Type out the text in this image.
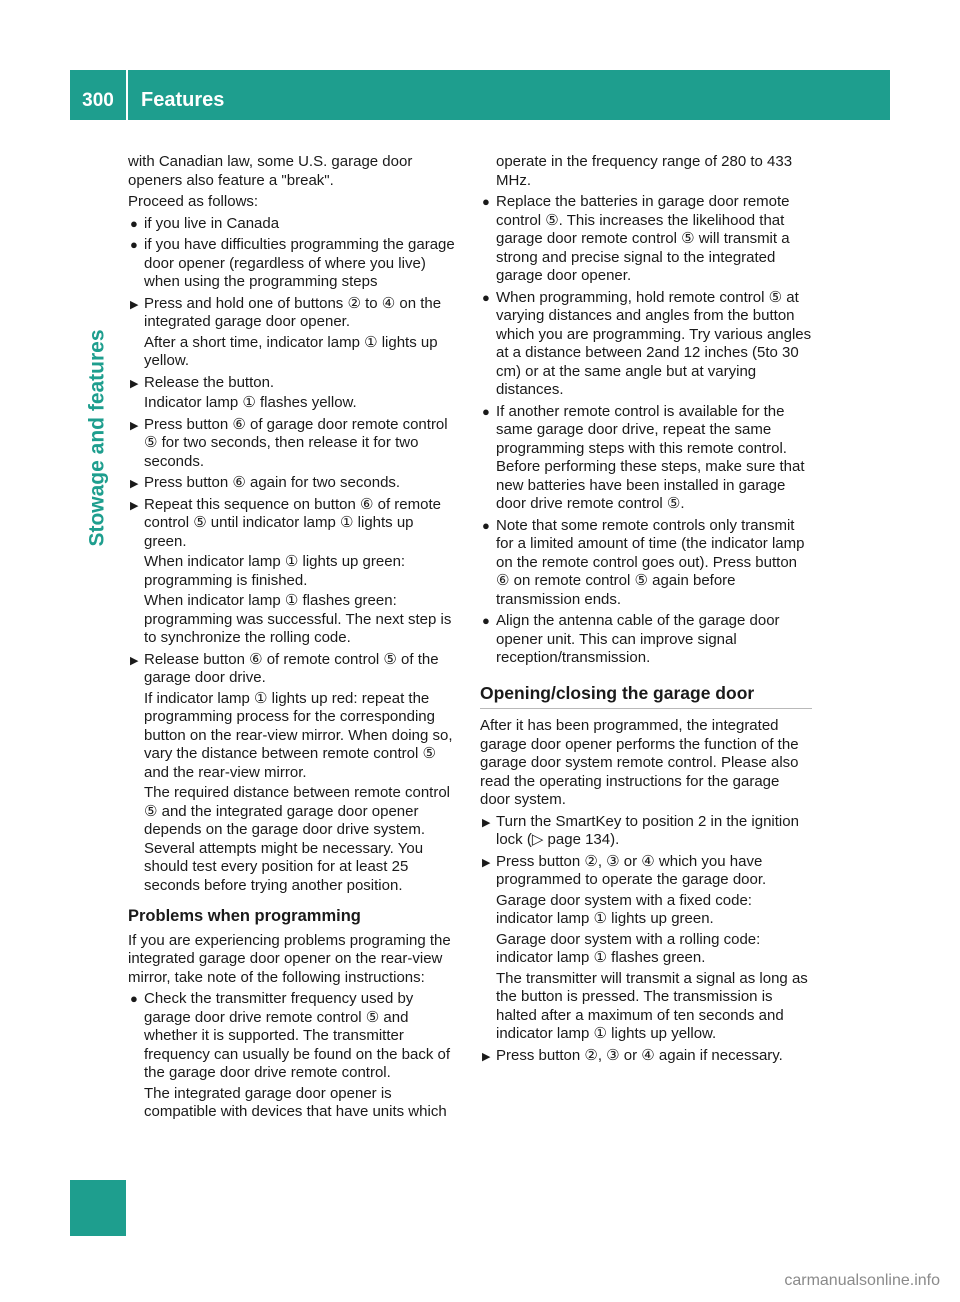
300	Features
Stowage and features

with Canadian law, some U.S. garage door openers also feature a "break".

Proceed as follows:

● if you live in Canada
● if you have difficulties programming the garage door opener (regardless of where you live) when using the programming steps
▶ Press and hold one of buttons ② to ④ on the integrated garage door opener.
After a short time, indicator lamp ① lights up yellow.
▶ Release the button.
Indicator lamp ① flashes yellow.
▶ Press button ⑥ of garage door remote control ⑤ for two seconds, then release it for two seconds.
▶ Press button ⑥ again for two seconds.
▶ Repeat this sequence on button ⑥ of remote control ⑤ until indicator lamp ① lights up green.
When indicator lamp ① lights up green: programming is finished.
When indicator lamp ① flashes green: programming was successful. The next step is to synchronize the rolling code.
▶ Release button ⑥ of remote control ⑤ of the garage door drive.
If indicator lamp ① lights up red: repeat the programming process for the corresponding button on the rear-view mirror. When doing so, vary the distance between remote control ⑤ and the rear-view mirror.
The required distance between remote control ⑤ and the integrated garage door opener depends on the garage door drive system. Several attempts might be necessary. You should test every position for at least 25 seconds before trying another position.
Problems when programming

If you are experiencing problems programing the integrated garage door opener on the rear-view mirror, take note of the following instructions:

● Check the transmitter frequency used by garage door drive remote control ⑤ and whether it is supported. The transmitter frequency can usually be found on the back of the garage door drive remote control.
The integrated garage door opener is compatible with devices that have units which

operate in the frequency range of 280 to 433 MHz.

● Replace the batteries in garage door remote control ⑤. This increases the likelihood that garage door remote control ⑤ will transmit a strong and precise signal to the integrated garage door opener.
● When programming, hold remote control ⑤ at varying distances and angles from the button which you are programming. Try various angles at a distance between 2and 12 inches (5to 30 cm) or at the same angle but at varying distances.
● If another remote control is available for the same garage door drive, repeat the same programming steps with this remote control. Before performing these steps, make sure that new batteries have been installed in garage door drive remote control ⑤.
● Note that some remote controls only transmit for a limited amount of time (the indicator lamp on the remote control goes out). Press button ⑥ on remote control ⑤ again before transmission ends.
● Align the antenna cable of the garage door opener unit. This can improve signal reception/transmission.
Opening/closing the garage door

After it has been programmed, the integrated garage door opener performs the function of the garage door system remote control. Please also read the operating instructions for the garage door system.

▶ Turn the SmartKey to position 2 in the ignition lock (▷ page 134).
▶ Press button ②, ③ or ④ which you have programmed to operate the garage door.
Garage door system with a fixed code: indicator lamp ① lights up green.
Garage door system with a rolling code: indicator lamp ① flashes green.
The transmitter will transmit a signal as long as the button is pressed. The transmission is halted after a maximum of ten seconds and indicator lamp ① lights up yellow.
▶ Press button ②, ③ or ④ again if necessary.
carmanualsonline.info
